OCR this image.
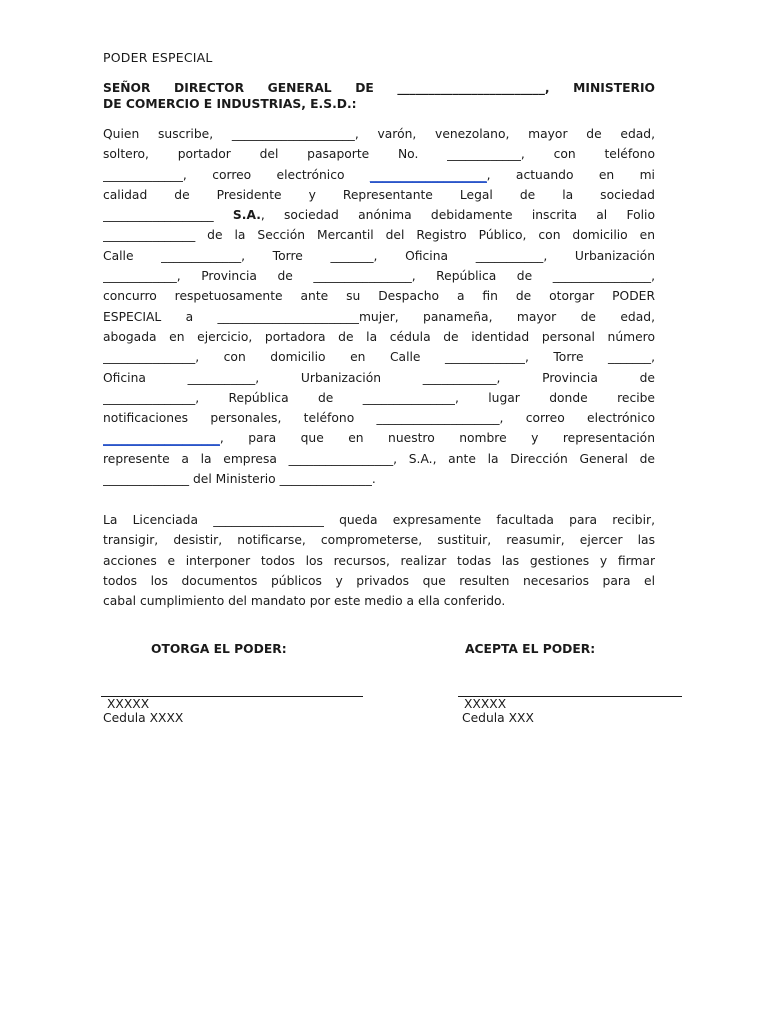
PODER ESPECIAL
SEÑOR DIRECTOR GENERAL DE ________________________, MINISTERIO
DE COMERCIO E INDUSTRIAS, E.S.D.:
Quien suscribe, ____________________, varón, venezolano, mayor de edad,
soltero, portador del pasaporte No. ____________, con teléfono
_____________, correo electrónico ___________________, actuando en mi
calidad de Presidente y Representante Legal de la sociedad
__________________ S.A., sociedad anónima debidamente inscrita al Folio
_______________ de la Sección Mercantil del Registro Público, con domicilio en
Calle _____________, Torre _______, Oficina ___________, Urbanización
____________, Provincia de ________________, República de ________________,
concurro respetuosamente ante su Despacho a fin de otorgar PODER
ESPECIAL a _______________________mujer, panameña, mayor de edad,
abogada en ejercicio, portadora de la cédula de identidad personal número
_______________, con domicilio en Calle _____________, Torre _______,
Oficina ___________, Urbanización ____________, Provincia de
_______________, República de _______________, lugar donde recibe
notificaciones personales, teléfono ____________________, correo electrónico
___________________, para que en nuestro nombre y representación
represente a la empresa _________________, S.A., ante la Dirección General de
______________ del Ministerio _______________.
La Licenciada __________________ queda expresamente facultada para recibir,
transigir, desistir, notificarse, comprometerse, sustituir, reasumir, ejercer las
acciones e interponer todos los recursos, realizar todas las gestiones y firmar
todos los documentos públicos y privados que resulten necesarios para el
cabal cumplimiento del mandato por este medio a ella conferido.
OTORGA EL PODER:	ACEPTA EL PODER:
XXXXX	XXXXX
Cedula XXXX	Cedula XXX
